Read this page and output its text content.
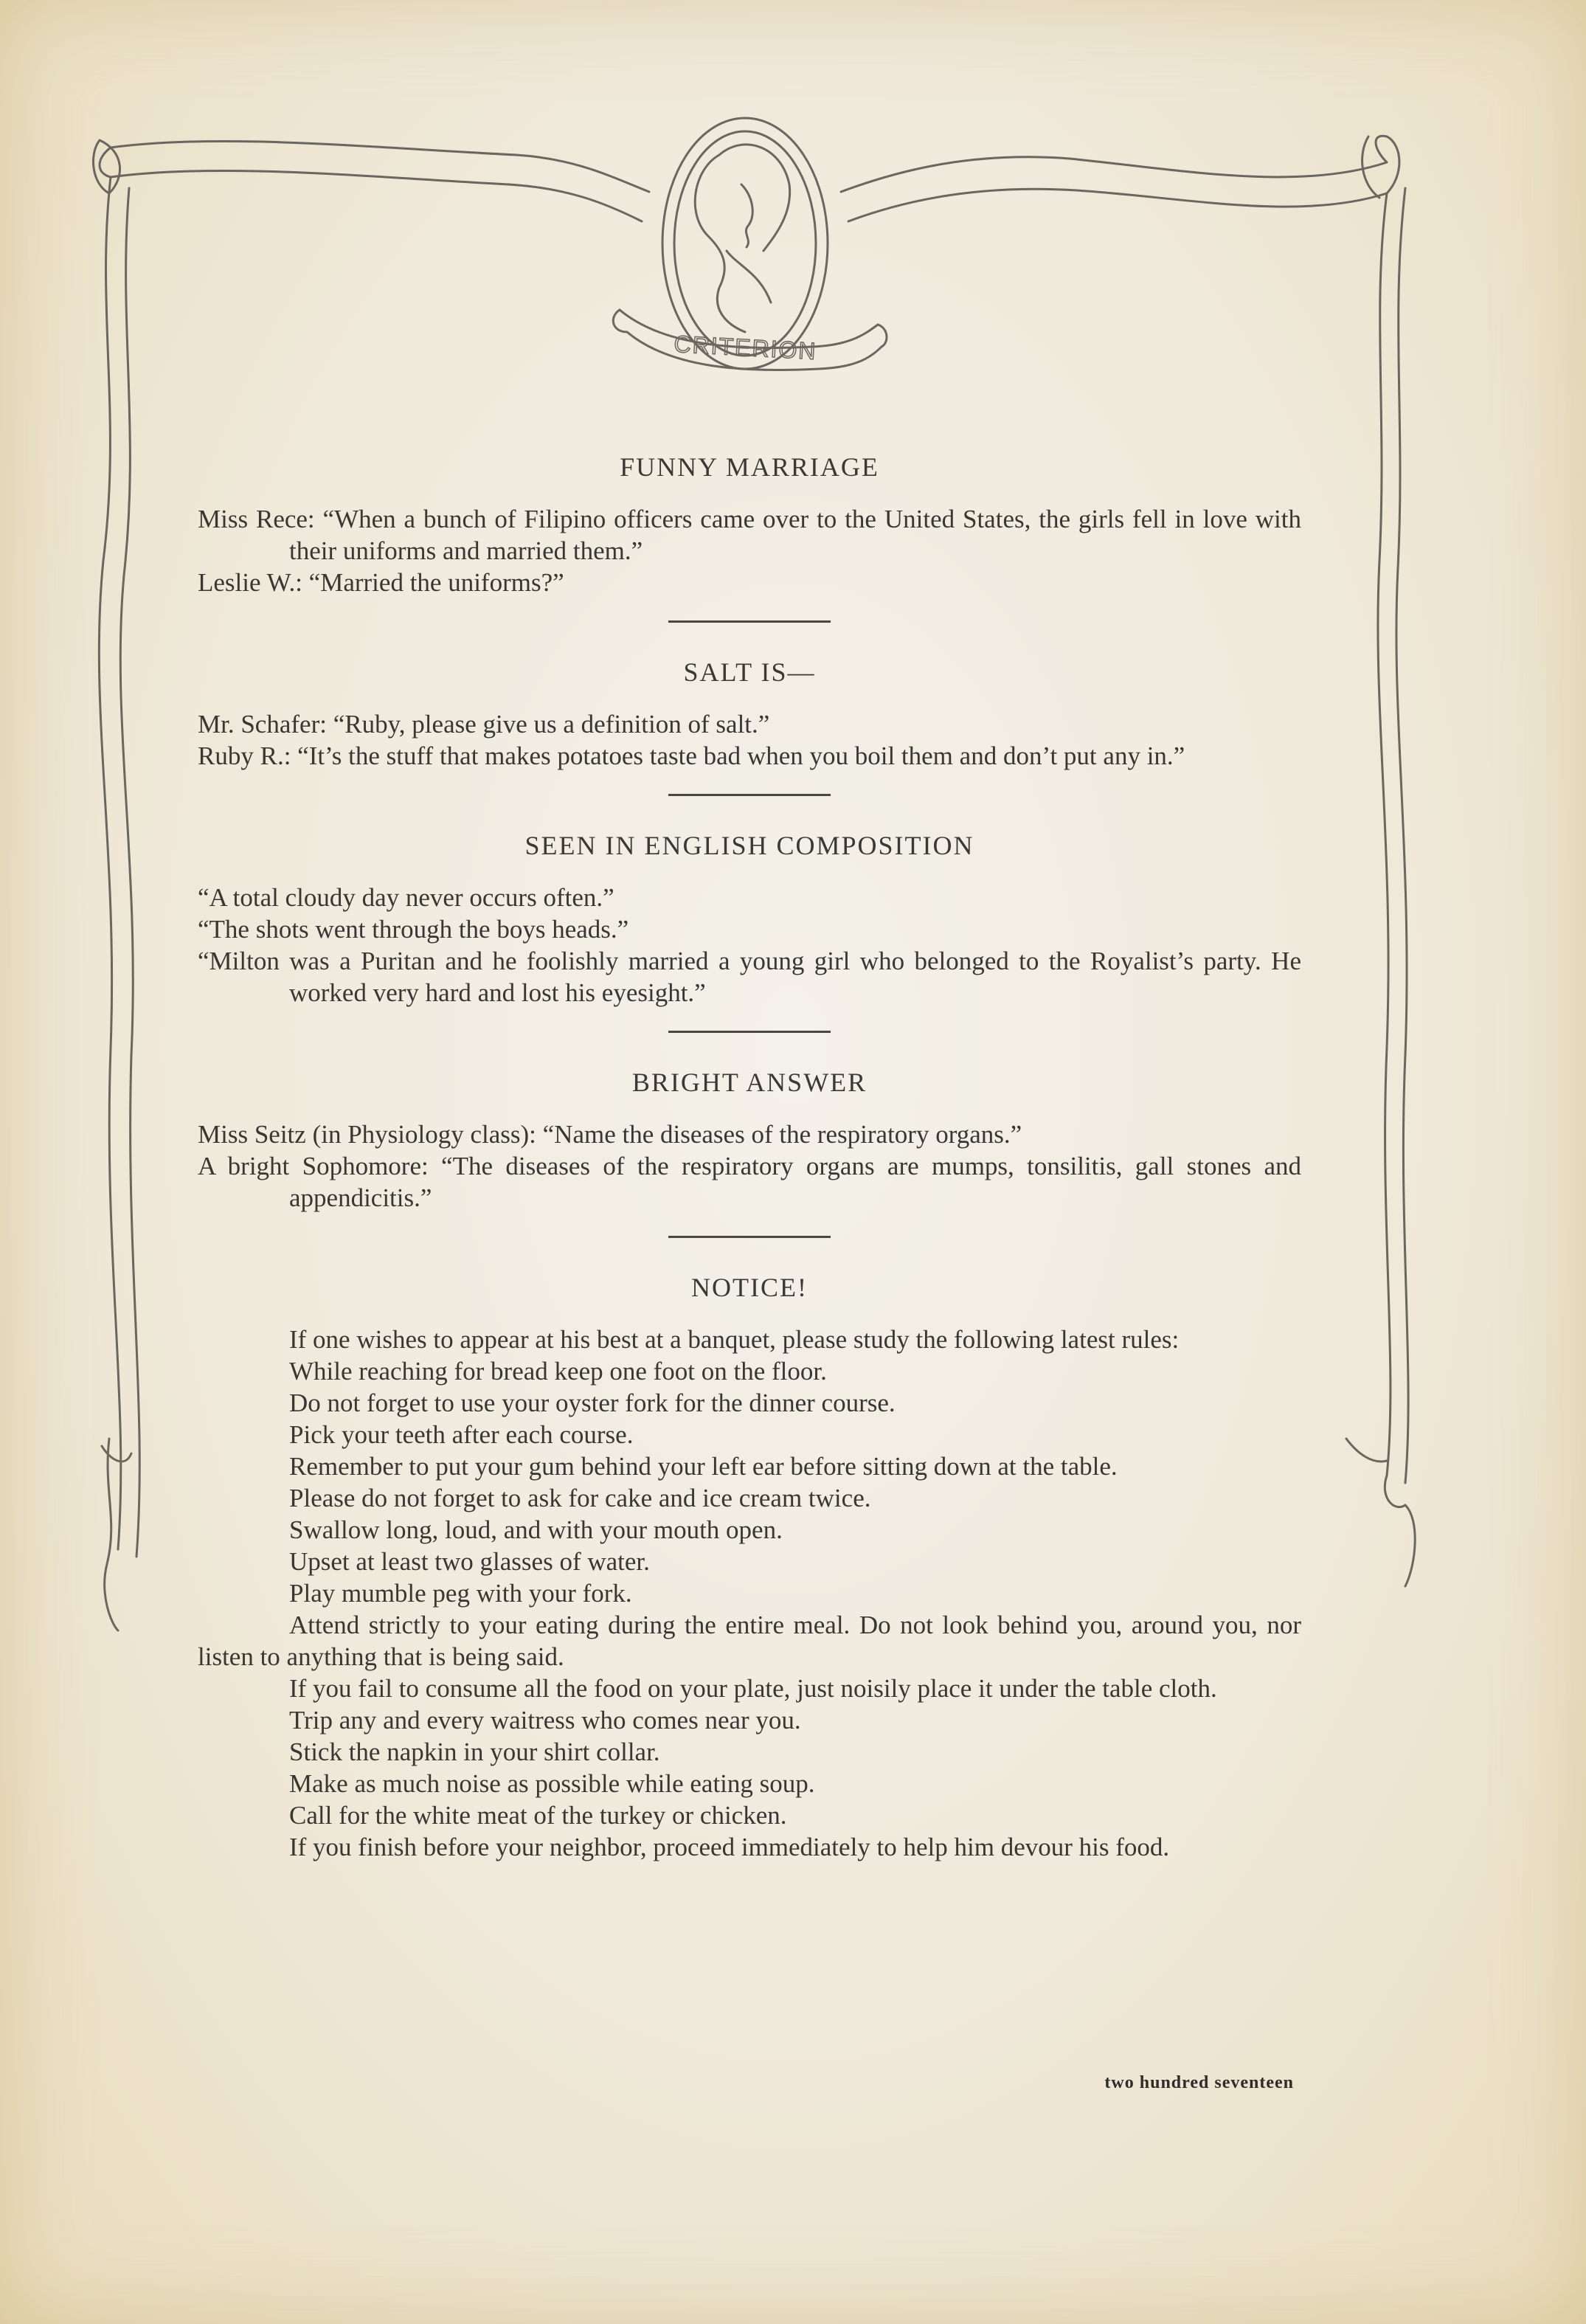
CRITERION
FUNNY MARRIAGE

Miss Rece: “When a bunch of Filipino officers came over to the United States, the girls fell in love with their uniforms and married them.”

Leslie W.: “Married the uniforms?”

SALT IS—

Mr. Schafer: “Ruby, please give us a definition of salt.”

Ruby R.: “It’s the stuff that makes potatoes taste bad when you boil them and don’t put any in.”

SEEN IN ENGLISH COMPOSITION

“A total cloudy day never occurs often.”

“The shots went through the boys heads.”

“Milton was a Puritan and he foolishly married a young girl who belonged to the Royalist’s party. He worked very hard and lost his eyesight.”

BRIGHT ANSWER

Miss Seitz (in Physiology class): “Name the diseases of the respiratory organs.”

A bright Sophomore: “The diseases of the respiratory organs are mumps, tonsilitis, gall stones and appendicitis.”

NOTICE!

If one wishes to appear at his best at a banquet, please study the following latest rules:

While reaching for bread keep one foot on the floor.

Do not forget to use your oyster fork for the dinner course.

Pick your teeth after each course.

Remember to put your gum behind your left ear before sitting down at the table.

Please do not forget to ask for cake and ice cream twice.

Swallow long, loud, and with your mouth open.

Upset at least two glasses of water.

Play mumble peg with your fork.

Attend strictly to your eating during the entire meal. Do not look behind you, around you, nor listen to anything that is being said.

If you fail to consume all the food on your plate, just noisily place it under the table cloth.

Trip any and every waitress who comes near you.

Stick the napkin in your shirt collar.

Make as much noise as possible while eating soup.

Call for the white meat of the turkey or chicken.

If you finish before your neighbor, proceed immediately to help him devour his food.

two hundred seventeen
